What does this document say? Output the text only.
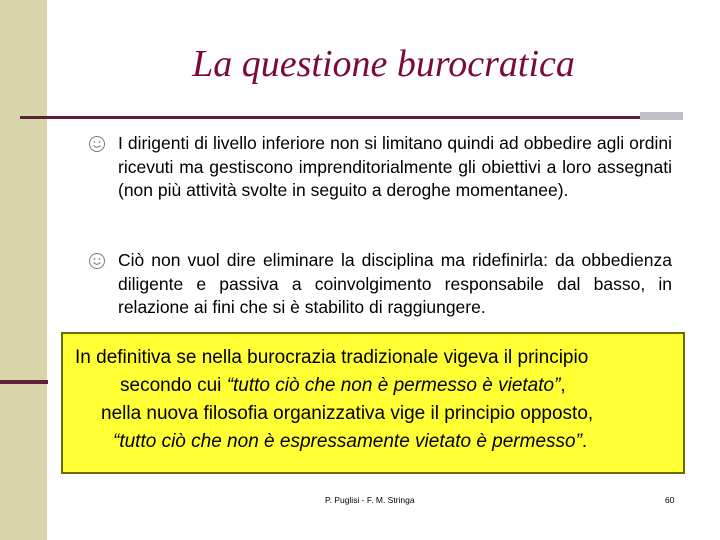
La questione burocratica
I dirigenti di livello inferiore non si limitano quindi ad obbedire agli ordini ricevuti ma gestiscono imprenditorialmente gli obiettivi a loro assegnati (non più attività svolte in seguito a deroghe momentanee).
Ciò non vuol dire eliminare la disciplina ma ridefinirla: da obbedienza diligente e passiva a coinvolgimento responsabile dal basso, in relazione ai fini che si è stabilito di raggiungere.

In definitiva se nella burocrazia tradizionale vigeva il principio

secondo cui “tutto ciò che non è permesso è vietato”,

nella nuova filosofia organizzativa vige il principio opposto,

“tutto ciò che non è espressamente vietato è permesso”.

P. Puglisi - F. M. Stringa	60
